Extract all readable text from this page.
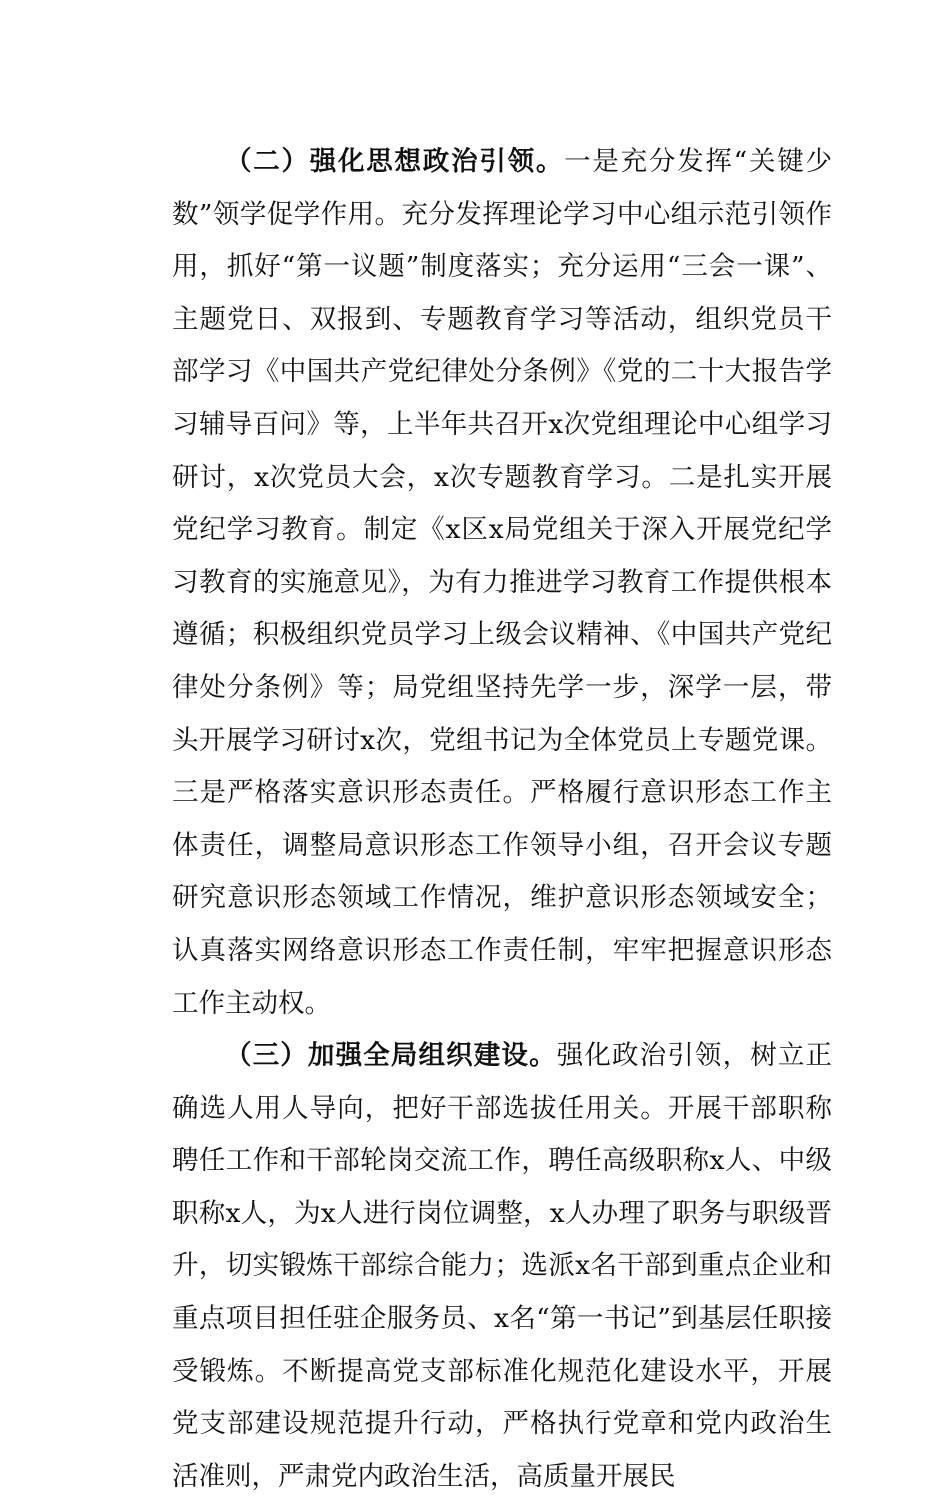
（二）强化思想政治引领。一是充分发挥“关键少数”领学促学作用。充分发挥理论学习中心组示范引领作用，抓好“第一议题”制度落实；充分运用“三会一课”、主题党日、双报到、专题教育学习等活动，组织党员干部学习《中国共产党纪律处分条例》《党的二十大报告学习辅导百问》等，上半年共召开x次党组理论中心组学习研讨，x次党员大会，x次专题教育学习。二是扎实开展党纪学习教育。制定《x区x局党组关于深入开展党纪学习教育的实施意见》，为有力推进学习教育工作提供根本遵循；积极组织党员学习上级会议精神、《中国共产党纪律处分条例》等；局党组坚持先学一步，深学一层，带头开展学习研讨x次，党组书记为全体党员上专题党课。三是严格落实意识形态责任。严格履行意识形态工作主体责任，调整局意识形态工作领导小组，召开会议专题研究意识形态领域工作情况，维护意识形态领域安全；认真落实网络意识形态工作责任制，牢牢把握意识形态工作主动权。

（三）加强全局组织建设。强化政治引领，树立正确选人用人导向，把好干部选拔任用关。开展干部职称聘任工作和干部轮岗交流工作，聘任高级职称x人、中级职称x人，为x人进行岗位调整，x人办理了职务与职级晋升，切实锻炼干部综合能力；选派x名干部到重点企业和重点项目担任驻企服务员、x名“第一书记”到基层任职接受锻炼。不断提高党支部标准化规范化建设水平，开展党支部建设规范提升行动，严格执行党章和党内政治生活准则，严肃党内政治生活，高质量开展民
